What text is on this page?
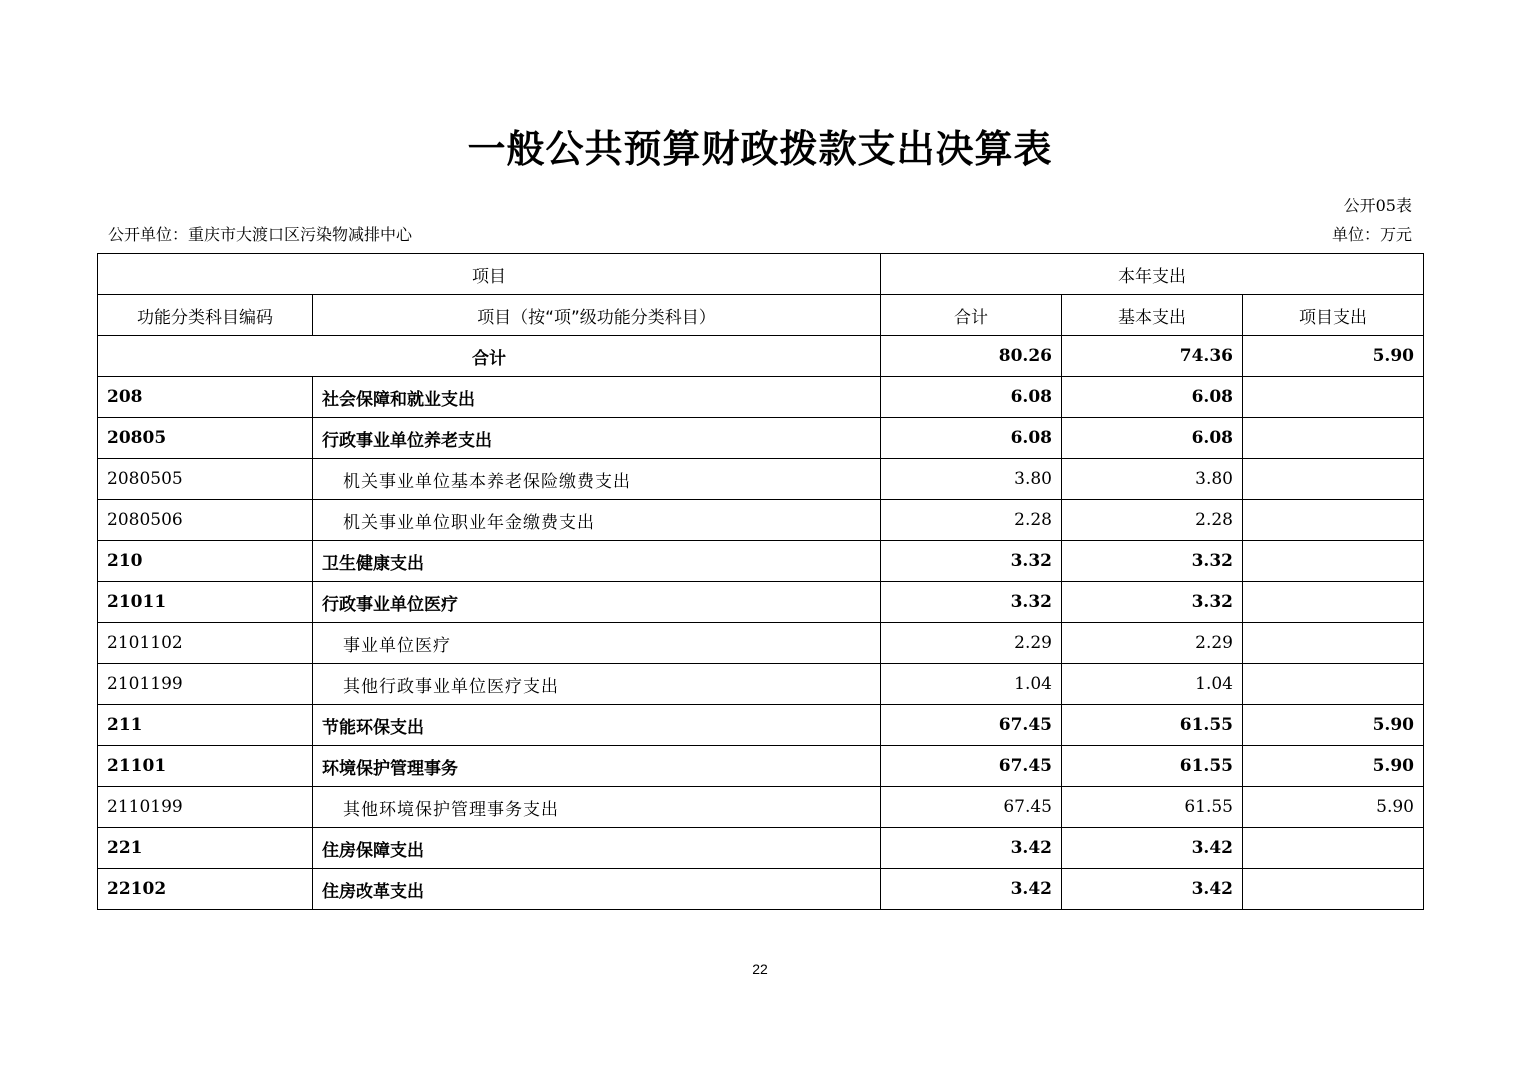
一般公共预算财政拨款支出决算表
公开05表
公开单位：重庆市大渡口区污染物减排中心	单位：万元
项目		本年支出		
功能分类科目编码	项目（按“项”级功能分类科目）	合计	基本支出	项目支出
合计		80.26	74.36	5.90
208	社会保障和就业支出	6.08	6.08	
20805	行政事业单位养老支出	6.08	6.08	
2080505	机关事业单位基本养老保险缴费支出	3.80	3.80	
2080506	机关事业单位职业年金缴费支出	2.28	2.28	
210	卫生健康支出	3.32	3.32	
21011	行政事业单位医疗	3.32	3.32	
2101102	事业单位医疗	2.29	2.29	
2101199	其他行政事业单位医疗支出	1.04	1.04	
211	节能环保支出	67.45	61.55	5.90
21101	环境保护管理事务	67.45	61.55	5.90
2110199	其他环境保护管理事务支出	67.45	61.55	5.90
221	住房保障支出	3.42	3.42	
22102	住房改革支出	3.42	3.42	
22
